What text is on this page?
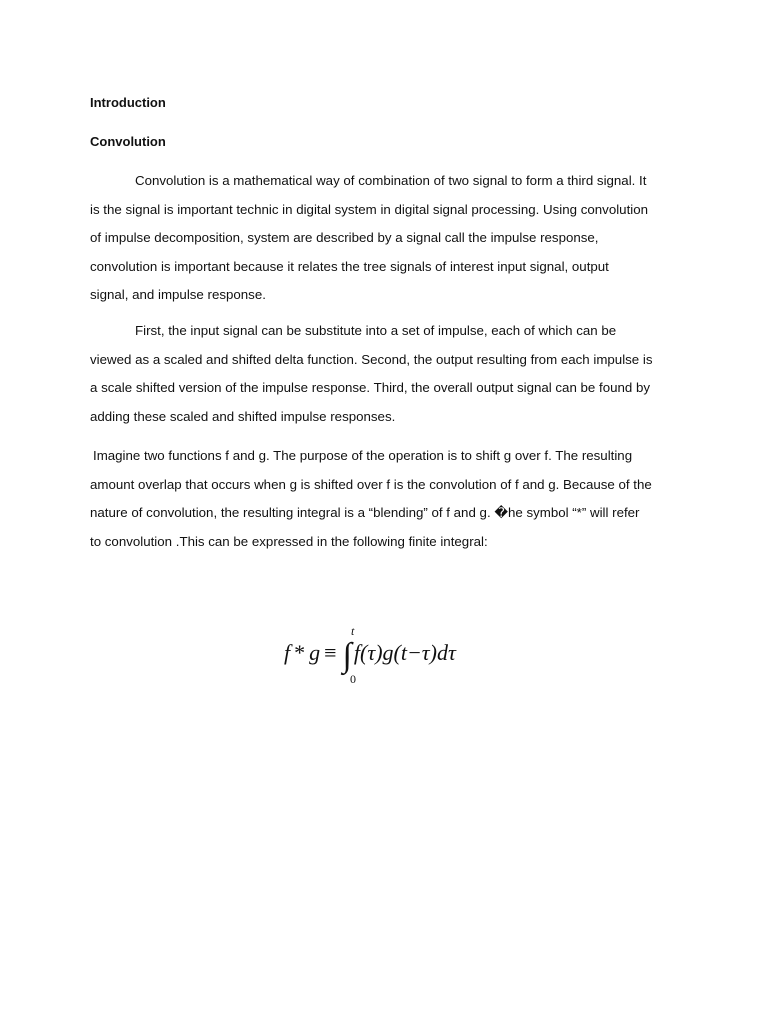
Introduction

Convolution

Convolution is a mathematical way of combination of two signal to form a third signal. It
is the signal is important technic in digital system in digital signal processing. Using convolution
of impulse decomposition, system are described by a signal call the impulse response,
convolution is important because it relates the tree signals of interest input signal, output
signal, and impulse response.

First, the input signal can be substitute into a set of impulse, each of which can be
viewed as a scaled and shifted delta function. Second, the output resulting from each impulse is
a scale shifted version of the impulse response. Third, the overall output signal can be found by
adding these scaled and shifted impulse responses.

Imagine two functions f and g. The purpose of the operation is to shift g over f. The resulting
amount overlap that occurs when g is shifted over f is the convolution of f and g. Because of the
nature of convolution, the resulting integral is a “blending” of f and g. �he symbol “*” will refer
to convolution .This can be expressed in the following finite integral:

t
f * g ≡ ∫f(τ)g(t−τ)dτ
0
